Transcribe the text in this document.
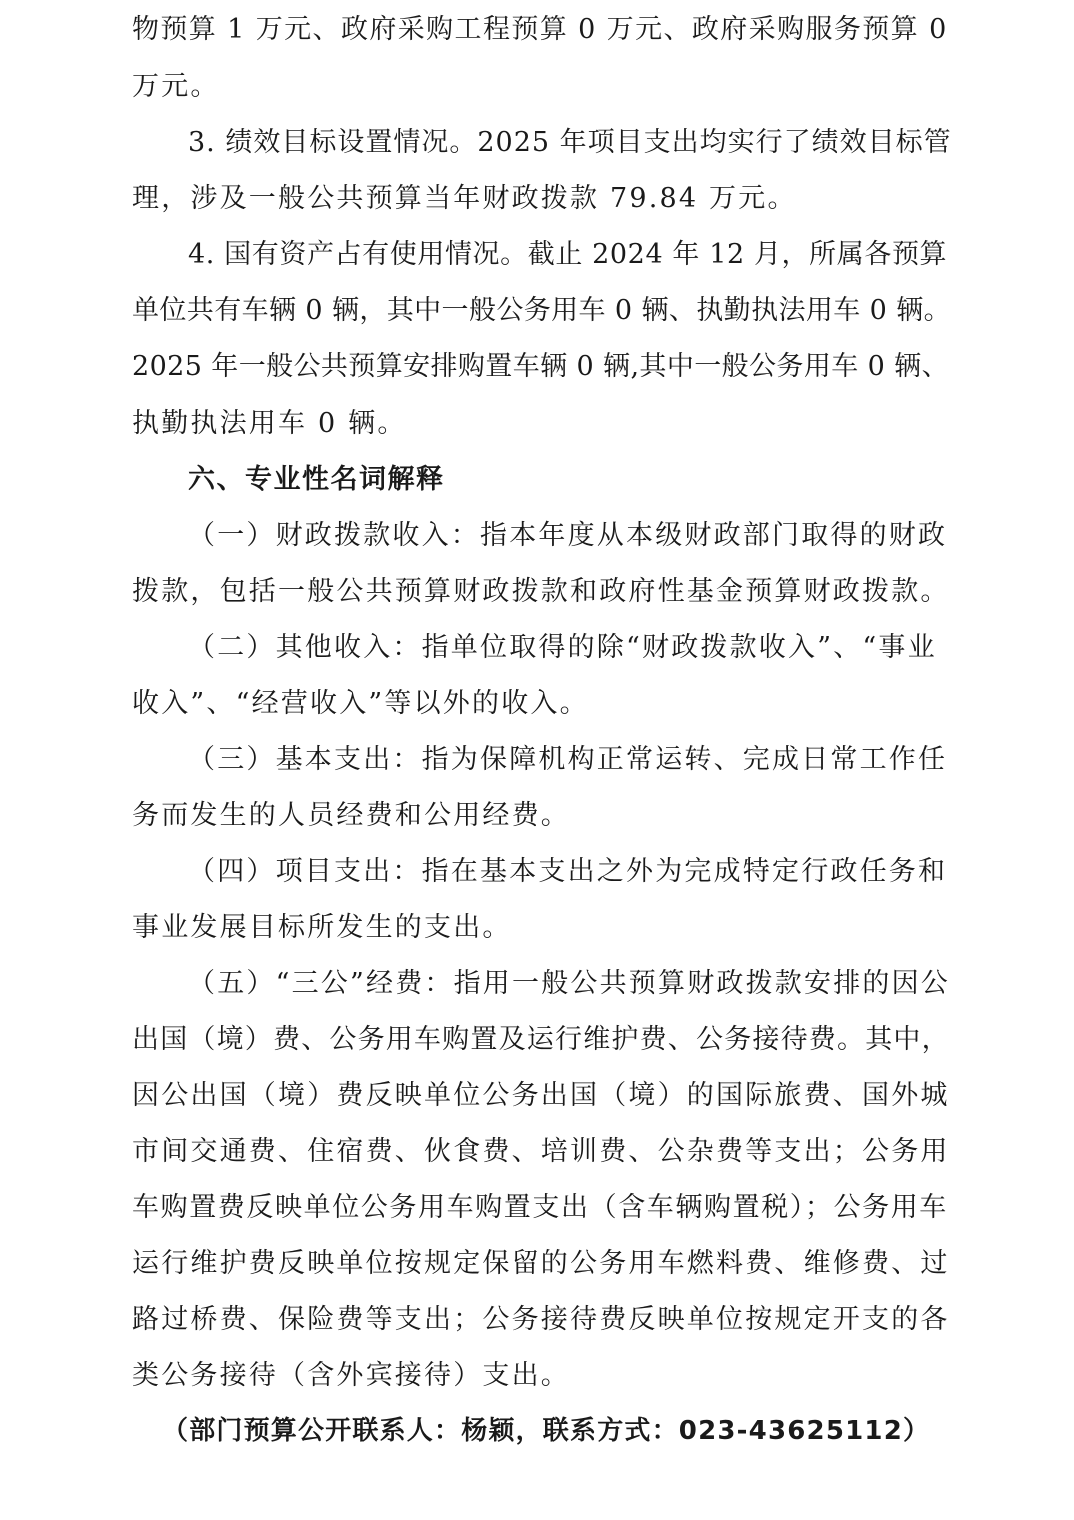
物预算 1 万元、政府采购工程预算 0 万元、政府采购服务预算 0
万元。
3. 绩效目标设置情况。2025 年项目支出均实行了绩效目标管
理，涉及一般公共预算当年财政拨款 79.84 万元。
4. 国有资产占有使用情况。截止 2024 年 12 月，所属各预算
单位共有车辆 0 辆，其中一般公务用车 0 辆、执勤执法用车 0 辆。
2025 年一般公共预算安排购置车辆 0 辆,其中一般公务用车 0 辆、
执勤执法用车 0 辆。
六、专业性名词解释
（一）财政拨款收入：指本年度从本级财政部门取得的财政
拨款，包括一般公共预算财政拨款和政府性基金预算财政拨款。
（二）其他收入：指单位取得的除“财政拨款收入”、“事业
收入”、“经营收入”等以外的收入。
（三）基本支出：指为保障机构正常运转、完成日常工作任
务而发生的人员经费和公用经费。
（四）项目支出：指在基本支出之外为完成特定行政任务和
事业发展目标所发生的支出。
（五）“三公”经费：指用一般公共预算财政拨款安排的因公
出国（境）费、公务用车购置及运行维护费、公务接待费。其中，
因公出国（境）费反映单位公务出国（境）的国际旅费、国外城
市间交通费、住宿费、伙食费、培训费、公杂费等支出；公务用
车购置费反映单位公务用车购置支出（含车辆购置税）；公务用车
运行维护费反映单位按规定保留的公务用车燃料费、维修费、过
路过桥费、保险费等支出；公务接待费反映单位按规定开支的各
类公务接待（含外宾接待）支出。
（部门预算公开联系人：杨颖，联系方式：023-43625112）
